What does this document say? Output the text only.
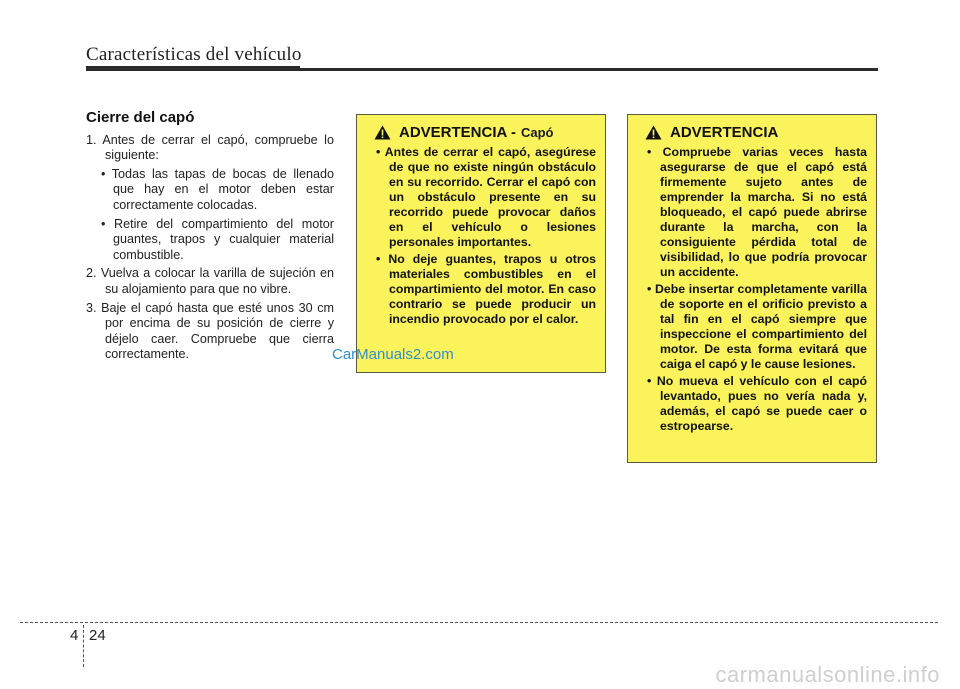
Características del vehículo
Cierre del capó

1. Antes de cerrar el capó, compruebe lo siguiente:

• Todas las tapas de bocas de llenado que hay en el motor deben estar correctamente colocadas.

• Retire del compartimiento del motor guantes, trapos y cualquier material combustible.

2. Vuelva a colocar la varilla de sujeción en su alojamiento para que no vibre.

3. Baje el capó hasta que esté unos 30 cm por encima de su posición de cierre y déjelo caer. Compruebe que cierra correctamente.

ADVERTENCIA - Capó

• Antes de cerrar el capó, asegúrese de que no existe ningún obstáculo en su recorrido. Cerrar el capó con un obstáculo presente en su recorrido puede provocar daños en el vehículo o lesiones personales importantes.

• No deje guantes, trapos u otros materiales combustibles en el compartimiento del motor. En caso contrario se puede producir un incendio provocado por el calor.

ADVERTENCIA

• Compruebe varias veces hasta asegurarse de que el capó está firmemente sujeto antes de emprender la marcha. Si no está bloqueado, el capó puede abrirse durante la marcha, con la consiguiente pérdida total de visibilidad, lo que podría provocar un accidente.

• Debe insertar completamente varilla de soporte en el orificio previsto a tal fin en el capó siempre que inspeccione el compartimiento del motor. De esta forma evitará que caiga el capó y le cause lesiones.

• No mueva el vehículo con el capó levantado, pues no vería nada y, además, el capó se puede caer o estropearse.

CarManuals2.com
4 24
carmanualsonline.info
